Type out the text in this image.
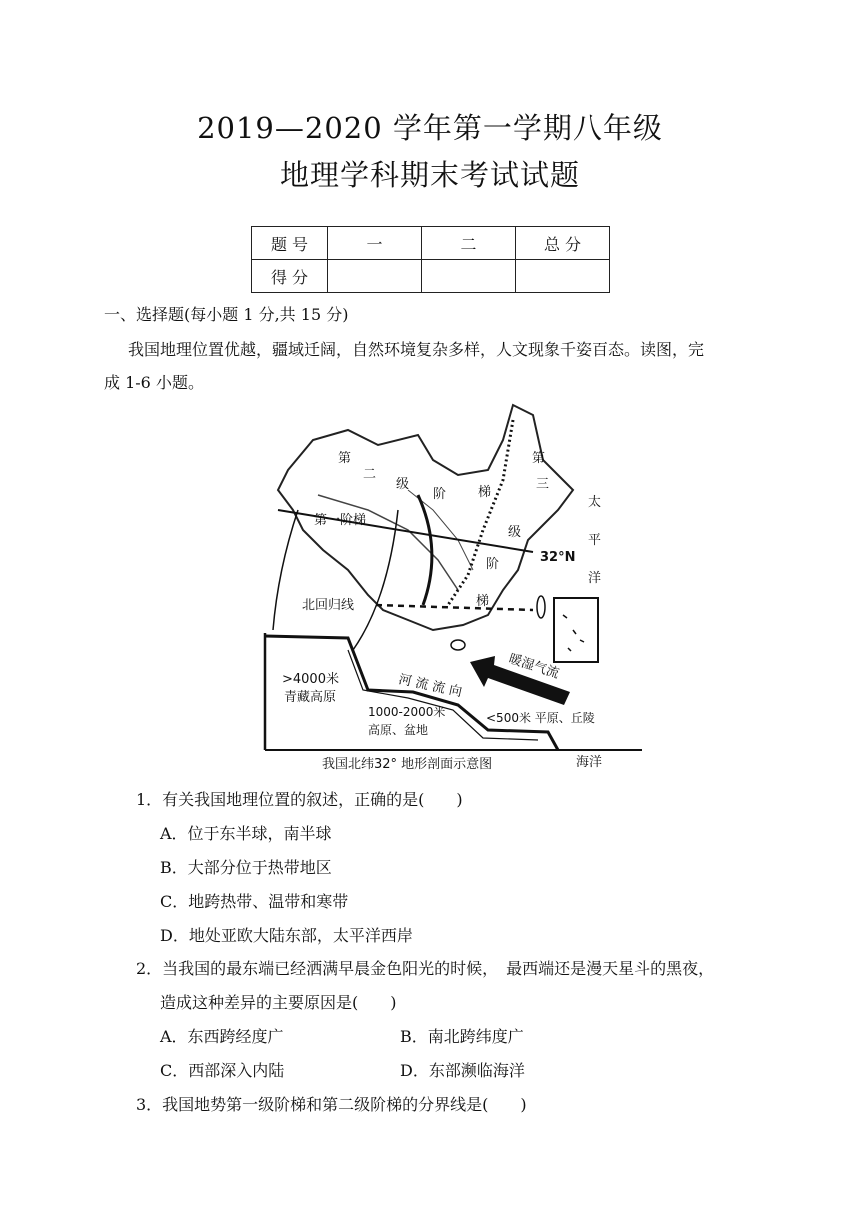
2019—2020 学年第一学期八年级
地理学科期末考试试题
题 号	一	二	总 分
得 分			
一、选择题(每小题 1 分,共 15 分)
我国地理位置优越，疆域迁阔，自然环境复杂多样，人文现象千姿百态。读图，完
成 1-6 小题。
第
二
级
阶 梯
第
三
级
阶
梯
第一阶梯
32°N
太
平
洋
北回归线
>4000米
青藏高原
1000-2000米
高原、盆地
<500米 平原、丘陵
河 流 流 向
暖湿气流
海洋
我国北纬32° 地形剖面示意图
1．有关我国地理位置的叙述，正确的是(　　)
A．位于东半球，南半球
B．大部分位于热带地区
C．地跨热带、温带和寒带
D．地处亚欧大陆东部，太平洋西岸
2．当我国的最东端已经洒满早晨金色阳光的时候，　最西端还是漫天星斗的黑夜，
造成这种差异的主要原因是(　　)
A．东西跨经度广	B．南北跨纬度广
C．西部深入内陆	D．东部濒临海洋
3．我国地势第一级阶梯和第二级阶梯的分界线是(　　)
